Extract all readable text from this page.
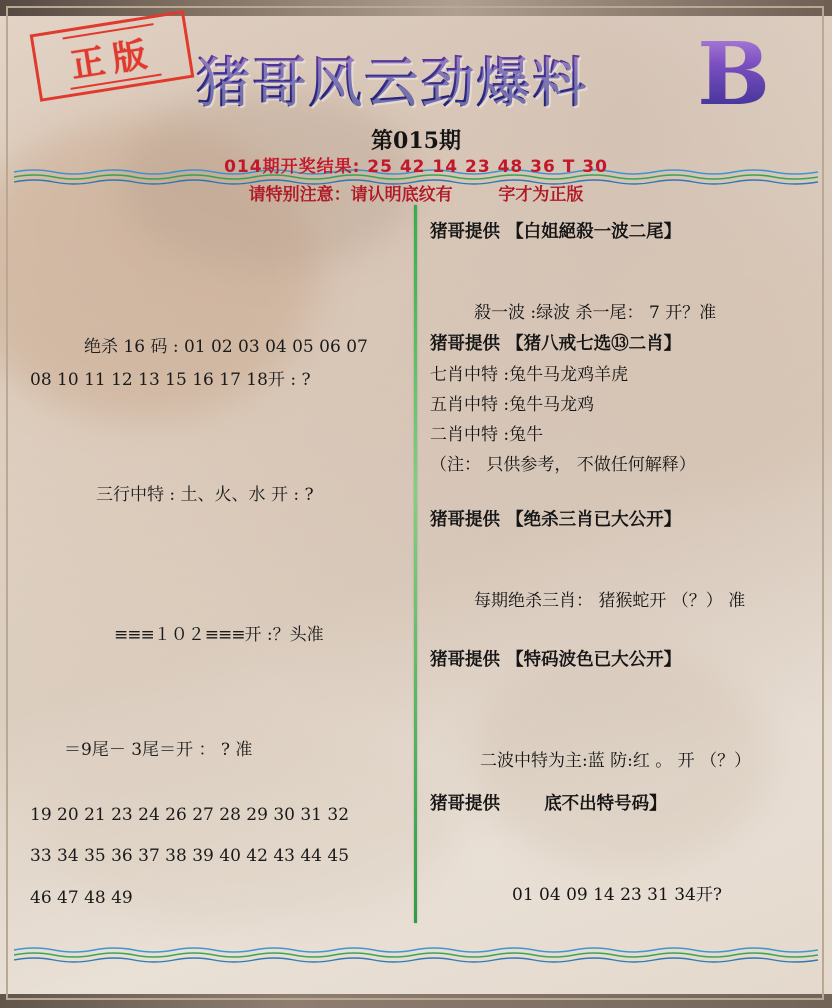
正版 猪哥风云劲爆料 B
第015期
014期开奖结果: 25 42 14 23 48 36 T 30
请特别注意：请认明底纹有	字才为正版
绝杀 16 码 : 01 02 03 04 05 06 07
08 10 11 12 13 15 16 17 18开 : ?
三行中特 : 土、火、水 开 : ?
≡≡≡１０２≡≡≡开 :？头准
＝9尾－ 3尾＝开 ： ? 准
19 20 21 23 24 26 27 28 29 30 31 32
33 34 35 36 37 38 39 40 42 43 44 45
46 47 48 49
猪哥提供 【白姐絕殺一波二尾】
殺一波 :绿波 杀一尾： 7 开？准
猪哥提供 【猪八戒七选⑬二肖】
七肖中特 :兔牛马龙鸡羊虎
五肖中特 :兔牛马龙鸡
二肖中特 :兔牛
（注： 只供参考， 不做任何解释）
猪哥提供 【绝杀三肖已大公开】
每期绝杀三肖： 猪猴蛇开 （？） 准
猪哥提供 【特码波色已大公开】
二波中特为主:蓝 防:红 。 开 （？）
猪哥提供	底不出特号码】
01 04 09 14 23 31 34开?
